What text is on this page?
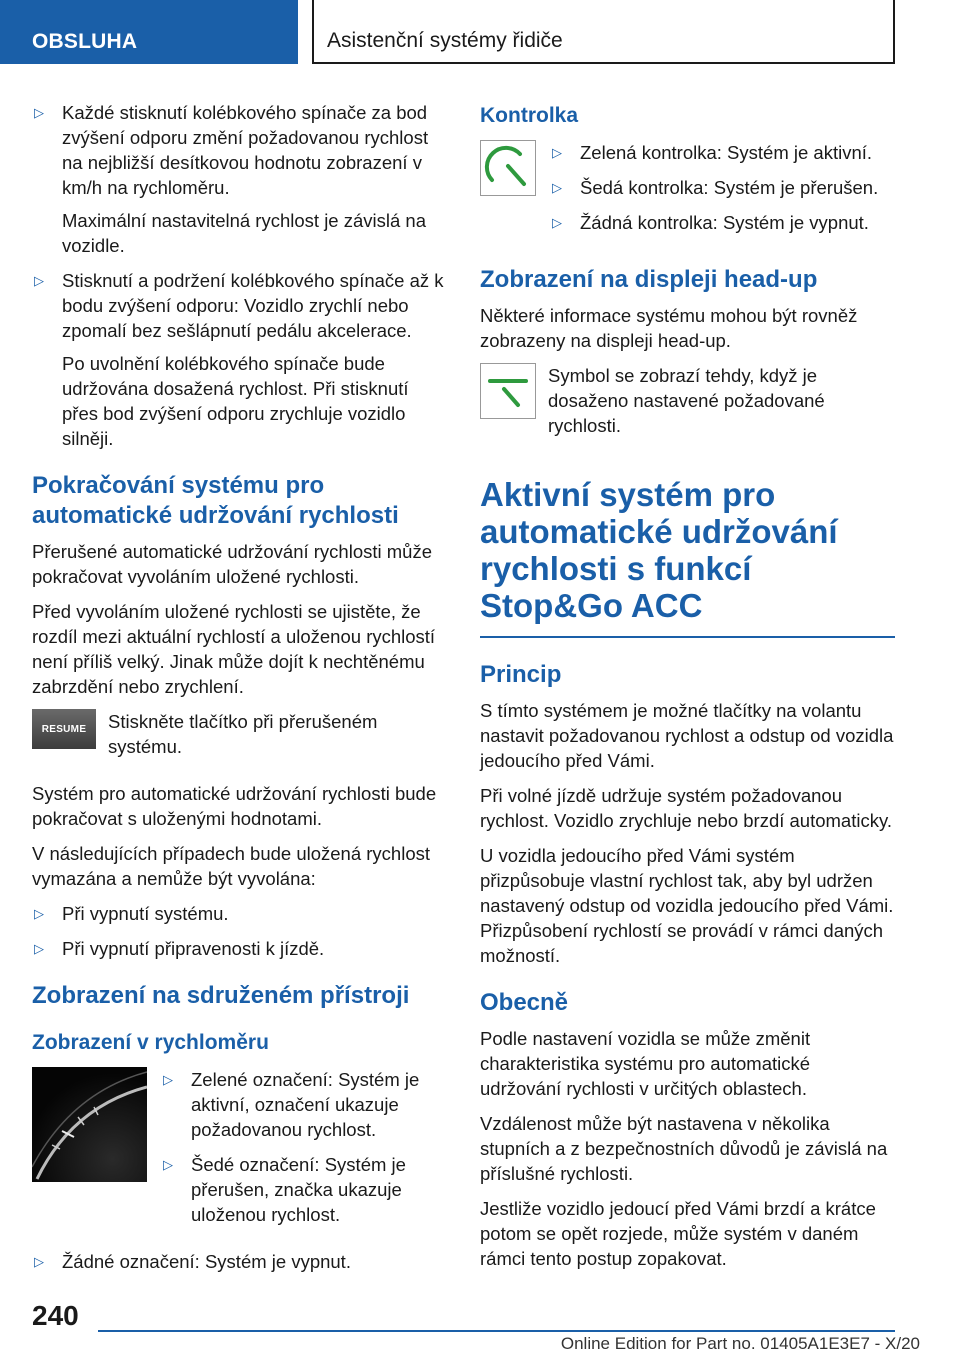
OBSLUHA	Asistenční systémy řidiče
▷ Každé stisknutí kolébkového spínače za bod zvýšení odporu změní požadovanou rychlost na nejbližší desítkovou hodnotu zobrazení v km/h na rychloměru.

Maximální nastavitelná rychlost je závislá na vozidle.

▷ Stisknutí a podržení kolébkového spínače až k bodu zvýšení odporu: Vozidlo zrychlí nebo zpomalí bez sešlápnutí pedálu akcelerace.

Po uvolnění kolébkového spínače bude udržována dosažená rychlost. Při stisknutí přes bod zvýšení odporu zrychluje vozidlo silněji.

Pokračování systému pro automatické udržování rychlosti

Přerušené automatické udržování rychlosti může pokračovat vyvoláním uložené rychlosti.

Před vyvoláním uložené rychlosti se ujistěte, že rozdíl mezi aktuální rychlostí a uloženou rychlostí není příliš velký. Jinak může dojít k nechtěnému zabrzdění nebo zrychlení.

RESUME	Stiskněte tlačítko při přerušeném systému.

Systém pro automatické udržování rychlosti bude pokračovat s uloženými hodnotami.

V následujících případech bude uložená rychlost vymazána a nemůže být vyvolána:

▷ Při vypnutí systému.

▷ Při vypnutí připravenosti k jízdě.

Zobrazení na sdruženém přístroji
Zobrazení v rychloměru
▷ Zelené označení: Systém je aktivní, označení ukazuje požadovanou rychlost.

▷ Šedé označení: Systém je přerušen, značka ukazuje uloženou rychlost.

▷ Žádné označení: Systém je vypnut.

Kontrolka
▷ Zelená kontrolka: Systém je aktivní.

▷ Šedá kontrolka: Systém je přerušen.

▷ Žádná kontrolka: Systém je vypnut.

Zobrazení na displeji head-up

Některé informace systému mohou být rovněž zobrazeny na displeji head-up.

Symbol se zobrazí tehdy, když je dosaženo nastavené požadované rychlosti.

Aktivní systém pro automatické udržování rychlosti s funkcí Stop&Go ACC
Princip

S tímto systémem je možné tlačítky na volantu nastavit požadovanou rychlost a odstup od vozidla jedoucího před Vámi.

Při volné jízdě udržuje systém požadovanou rychlost. Vozidlo zrychluje nebo brzdí automaticky.

U vozidla jedoucího před Vámi systém přizpůsobuje vlastní rychlost tak, aby byl udržen nastavený odstup od vozidla jedoucího před Vámi. Přizpůsobení rychlostí se provádí v rámci daných možností.

Obecně

Podle nastavení vozidla se může změnit charakteristika systému pro automatické udržování rychlosti v určitých oblastech.

Vzdálenost může být nastavena v několika stupních a z bezpečnostních důvodů je závislá na příslušné rychlosti.

Jestliže vozidlo jedoucí před Vámi brzdí a krátce potom se opět rozjede, může systém v daném rámci tento postup zopakovat.

240
Online Edition for Part no. 01405A1E3E7 - X/20
